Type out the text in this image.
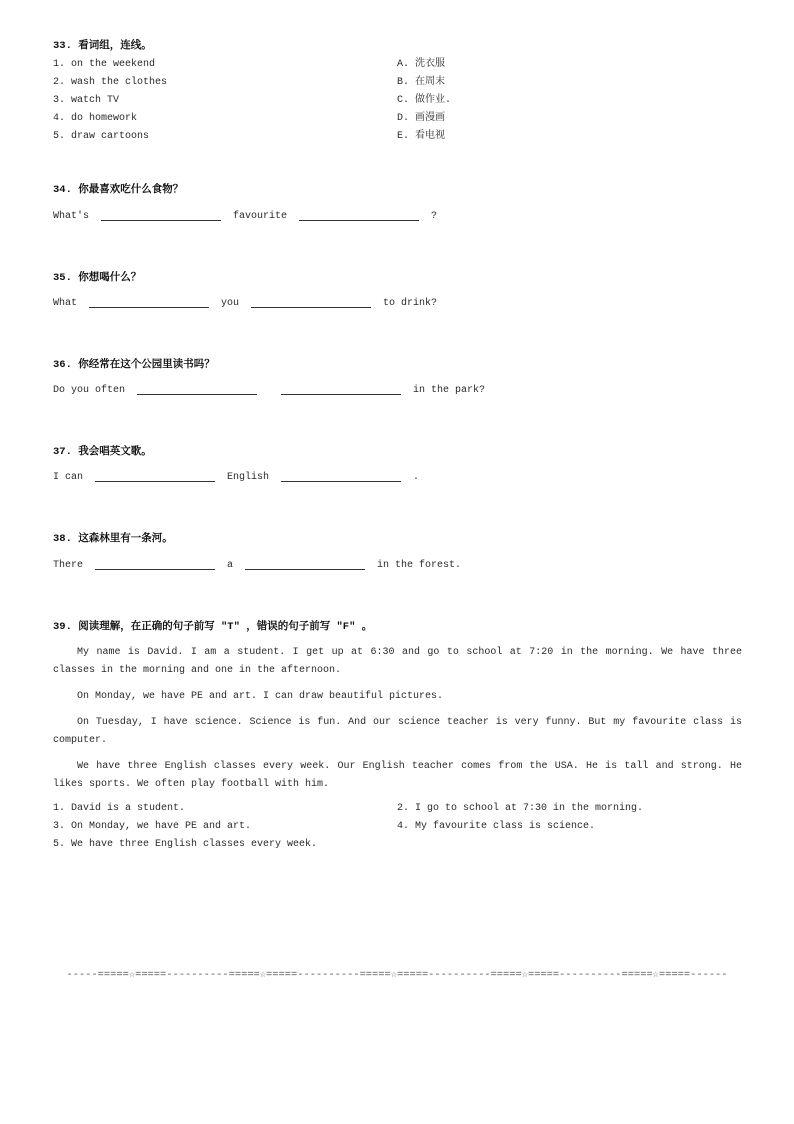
33. 看词组，连线。
1. on the weekend	A. 洗衣服
2. wash the clothes	B. 在周末
3. watch TV	C. 做作业.
4. do homework	D. 画漫画
5. draw cartoons	E. 看电视
34. 你最喜欢吃什么食物？
What's	favourite	?
35. 你想喝什么？
What	you	to drink?
36. 你经常在这个公园里读书吗？
Do you often	in the park?
37. 我会唱英文歌。
I can	English	.
38. 这森林里有一条河。
There	a	in the forest.
39. 阅读理解，在正确的句子前写 "T" ，错误的句子前写 "F" 。

My name is David. I am a student. I get up at 6:30 and go to school at 7:20 in the morning. We have three classes in the morning and one in the afternoon.

On Monday, we have PE and art. I can draw beautiful pictures.

On Tuesday, I have science. Science is fun. And our science teacher is very funny. But my favourite class is computer.

We have three English classes every week. Our English teacher comes from the USA. He is tall and strong. He likes sports. We often play football with him.

1. David is a student.	2. I go to school at 7:30 in the morning.
3. On Monday, we have PE and art.	4. My favourite class is science.
5. We have three English classes every week.
-----=====☆=====----------=====☆=====----------=====☆=====----------=====☆=====----------=====☆=====------
